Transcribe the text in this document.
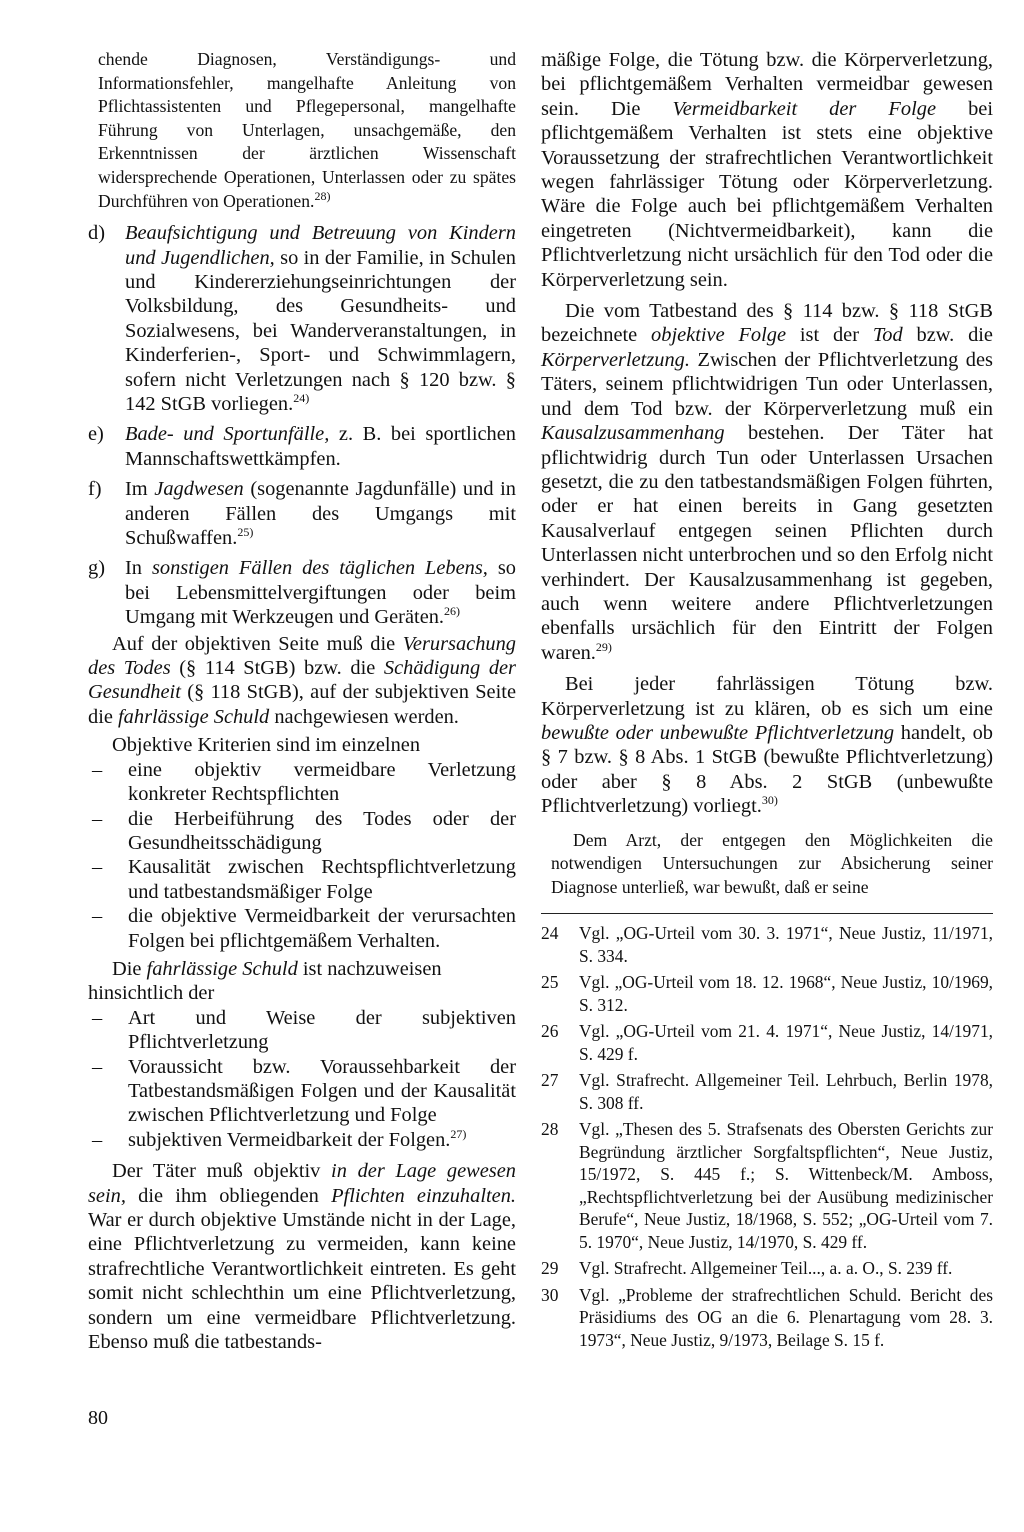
chende Diagnosen, Verständigungs- und Informationsfehler, mangelhafte Anleitung von Pflichtassistenten und Pflegepersonal, mangelhafte Führung von Unterlagen, unsachgemäße, den Erkenntnissen der ärztlichen Wissenschaft widersprechende Operationen, Unterlassen oder zu spätes Durchführen von Operationen.$^{28)}$

d) Beaufsichtigung und Betreuung von Kindern und Jugendlichen, so in der Familie, in Schulen und Kindererziehungseinrichtungen der Volksbildung, des Gesundheits- und Sozialwesens, bei Wanderveranstaltungen, in Kinderferien-, Sport- und Schwimmlagern, sofern nicht Verletzungen nach § 120 bzw. § 142 StGB vorliegen.$^{24)}$
e)	Bade- und Sportunfälle, z. B. bei sportlichen Mannschaftswettkämpfen.
f)	Im Jagdwesen (sogenannte Jagdunfälle) und in anderen Fällen des Umgangs mit Schußwaffen.$^{25)}$
g) In sonstigen Fällen des täglichen Lebens, so bei Lebensmittelvergiftungen oder beim Umgang mit Werkzeugen und Geräten.$^{26)}$

Auf der objektiven Seite muß die Verursachung des Todes (§ 114 StGB) bzw. die Schädigung der Gesundheit (§ 118 StGB), auf der subjektiven Seite die fahrlässige Schuld nachgewiesen werden.

Objektive Kriterien sind im einzelnen
–	eine objektiv vermeidbare Verletzung konkreter Rechtspflichten
–	die Herbeiführung des Todes oder der Gesundheitsschädigung
–	Kausalität zwischen Rechtspflichtverletzung und tatbestandsmäßiger Folge
–	die objektive Vermeidbarkeit der verursachten Folgen bei pflichtgemäßem Verhalten.
Die fahrlässige Schuld ist nachzuweisen hinsichtlich der
–	Art und Weise der subjektiven Pflichtverletzung
–	Voraussicht bzw. Voraussehbarkeit der Tatbestandsmäßigen Folgen und der Kausalität zwischen Pflichtverletzung und Folge
–	subjektiven Vermeidbarkeit der Folgen.$^{27)}$

Der Täter muß objektiv in der Lage gewesen sein, die ihm obliegenden Pflichten einzuhalten. War er durch objektive Umstände nicht in der Lage, eine Pflichtverletzung zu vermeiden, kann keine strafrechtliche Verantwortlichkeit eintreten. Es geht somit nicht schlechthin um eine Pflichtverletzung, sondern um eine vermeidbare Pflichtverletzung. Ebenso muß die tatbestands-

mäßige Folge, die Tötung bzw. die Körperverletzung, bei pflichtgemäßem Verhalten vermeidbar gewesen sein. Die Vermeidbarkeit der Folge bei pflichtgemäßem Verhalten ist stets eine objektive Voraussetzung der strafrechtlichen Verantwortlichkeit wegen fahrlässiger Tötung oder Körperverletzung. Wäre die Folge auch bei pflichtgemäßem Verhalten eingetreten (Nichtvermeidbarkeit), kann die Pflichtverletzung nicht ursächlich für den Tod oder die Körperverletzung sein.

Die vom Tatbestand des § 114 bzw. § 118 StGB bezeichnete objektive Folge ist der Tod bzw. die Körperverletzung. Zwischen der Pflichtverletzung des Täters, seinem pflichtwidrigen Tun oder Unterlassen, und dem Tod bzw. der Körperverletzung muß ein Kausalzusammenhang bestehen. Der Täter hat pflichtwidrig durch Tun oder Unterlassen Ursachen gesetzt, die zu den tatbestandsmäßigen Folgen führten, oder er hat einen bereits in Gang gesetzten Kausalverlauf entgegen seinen Pflichten durch Unterlassen nicht unterbrochen und so den Erfolg nicht verhindert. Der Kausalzusammenhang ist gegeben, auch wenn weitere andere Pflichtverletzungen ebenfalls ursächlich für den Eintritt der Folgen waren.$^{29)}$

Bei jeder fahrlässigen Tötung bzw. Körperverletzung ist zu klären, ob es sich um eine bewußte oder unbewußte Pflichtverletzung handelt, ob § 7 bzw. § 8 Abs. 1 StGB (bewußte Pflichtverletzung) oder aber § 8 Abs. 2 StGB (unbewußte Pflichtverletzung) vorliegt.$^{30)}$

Dem Arzt, der entgegen den Möglichkeiten die notwendigen Untersuchungen zur Absicherung seiner Diagnose unterließ, war bewußt, daß er seine

24	Vgl. „OG-Urteil vom 30. 3. 1971“, Neue Justiz, 11/1971, S. 334.
25	Vgl. „OG-Urteil vom 18. 12. 1968“, Neue Justiz, 10/1969, S. 312.
26	Vgl. „OG-Urteil vom 21. 4. 1971“, Neue Justiz, 14/1971, S. 429 f.
27	Vgl. Strafrecht. Allgemeiner Teil. Lehrbuch, Berlin 1978, S. 308 ff.
28	Vgl. „Thesen des 5. Strafsenats des Obersten Gerichts zur Begründung ärztlicher Sorgfaltspflichten“, Neue Justiz, 15/1972, S. 445 f.; S. Wittenbeck/M. Amboss, „Rechtspflichtverletzung bei der Ausübung medizinischer Berufe“, Neue Justiz, 18/1968, S. 552; „OG-Urteil vom 7. 5. 1970“, Neue Justiz, 14/1970, S. 429 ff.
29	Vgl. Strafrecht. Allgemeiner Teil..., a. a. O., S. 239 ff.
30	Vgl. „Probleme der strafrechtlichen Schuld. Bericht des Präsidiums des OG an die 6. Plenartagung vom 28. 3. 1973“, Neue Justiz, 9/1973, Beilage S. 15 f.
80
